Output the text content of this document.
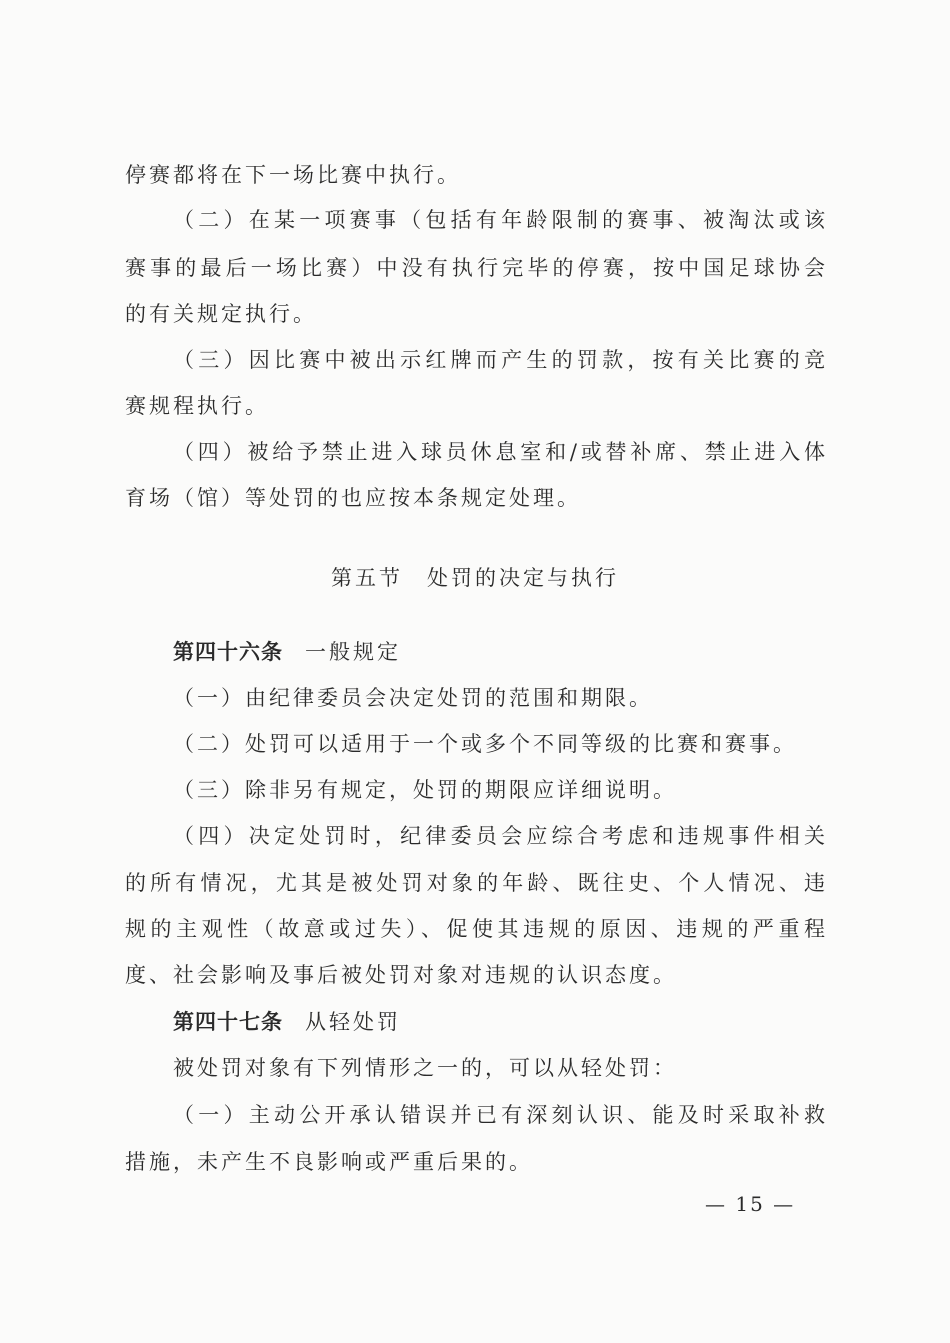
停赛都将在下一场比赛中执行。
（二）在某一项赛事（包括有年龄限制的赛事、被淘汰或该
赛事的最后一场比赛）中没有执行完毕的停赛，按中国足球协会
的有关规定执行。
（三）因比赛中被出示红牌而产生的罚款，按有关比赛的竞
赛规程执行。
（四）被给予禁止进入球员休息室和/或替补席、禁止进入体
育场（馆）等处罚的也应按本条规定处理。
第五节　处罚的决定与执行
第四十六条 一般规定
（一）由纪律委员会决定处罚的范围和期限。
（二）处罚可以适用于一个或多个不同等级的比赛和赛事。
（三）除非另有规定，处罚的期限应详细说明。
（四）决定处罚时，纪律委员会应综合考虑和违规事件相关
的所有情况，尤其是被处罚对象的年龄、既往史、个人情况、违
规的主观性（故意或过失）、促使其违规的原因、违规的严重程
度、社会影响及事后被处罚对象对违规的认识态度。
第四十七条 从轻处罚
被处罚对象有下列情形之一的，可以从轻处罚：
（一）主动公开承认错误并已有深刻认识、能及时采取补救
措施，未产生不良影响或严重后果的。
— 15 —
